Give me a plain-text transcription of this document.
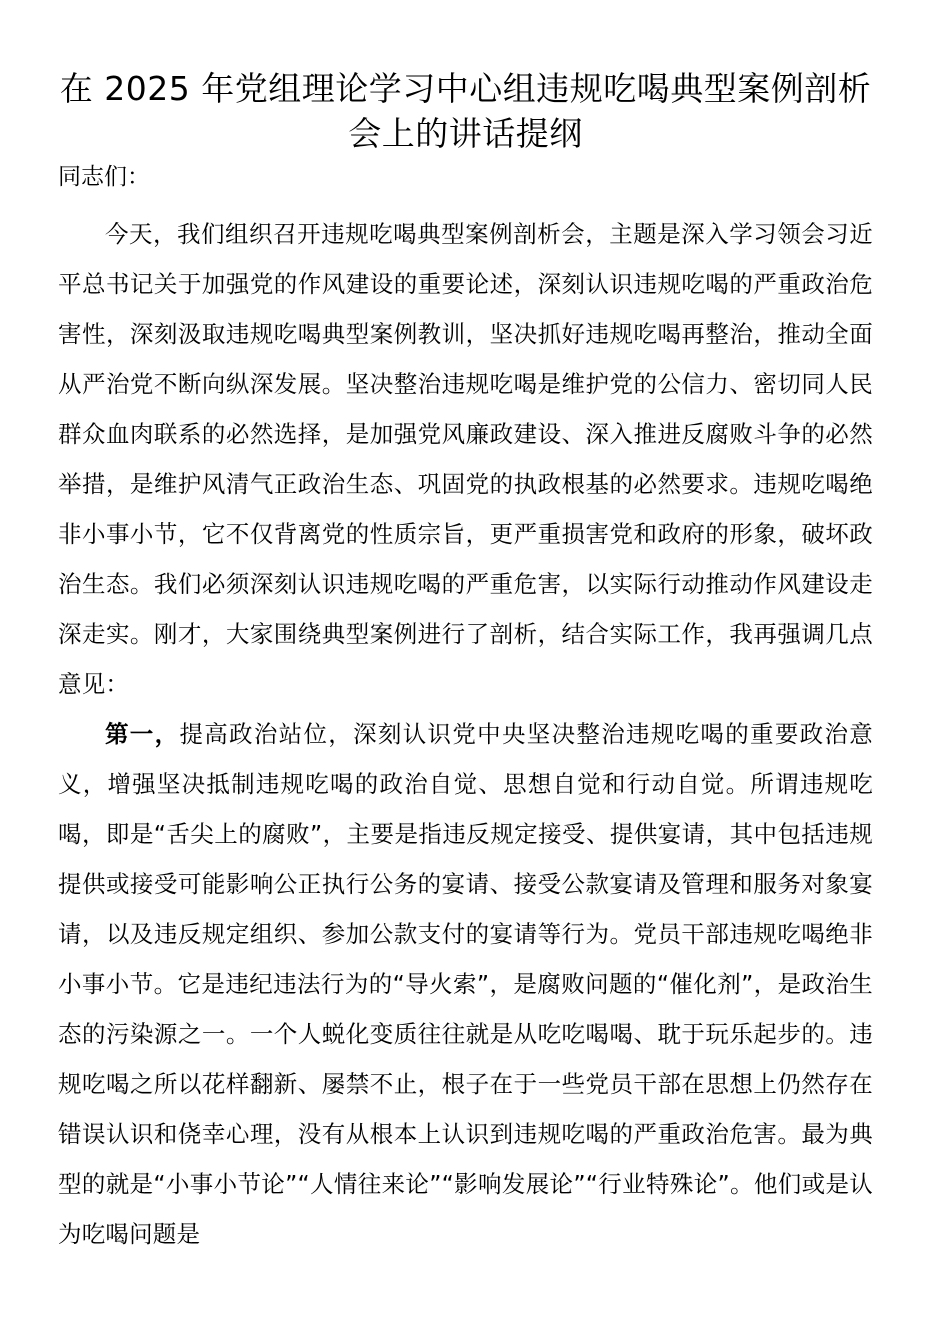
在 2025 年党组理论学习中心组违规吃喝典型案例剖析会上的讲话提纲

同志们：

今天，我们组织召开违规吃喝典型案例剖析会，主题是深入学习领会习近平总书记关于加强党的作风建设的重要论述，深刻认识违规吃喝的严重政治危害性，深刻汲取违规吃喝典型案例教训，坚决抓好违规吃喝再整治，推动全面从严治党不断向纵深发展。坚决整治违规吃喝是维护党的公信力、密切同人民群众血肉联系的必然选择，是加强党风廉政建设、深入推进反腐败斗争的必然举措，是维护风清气正政治生态、巩固党的执政根基的必然要求。违规吃喝绝非小事小节，它不仅背离党的性质宗旨，更严重损害党和政府的形象，破坏政治生态。我们必须深刻认识违规吃喝的严重危害，以实际行动推动作风建设走深走实。刚才，大家围绕典型案例进行了剖析，结合实际工作，我再强调几点意见：

第一，提高政治站位，深刻认识党中央坚决整治违规吃喝的重要政治意义，增强坚决抵制违规吃喝的政治自觉、思想自觉和行动自觉。所谓违规吃喝，即是“舌尖上的腐败”，主要是指违反规定接受、提供宴请，其中包括违规提供或接受可能影响公正执行公务的宴请、接受公款宴请及管理和服务对象宴请，以及违反规定组织、参加公款支付的宴请等行为。党员干部违规吃喝绝非小事小节。它是违纪违法行为的“导火索”，是腐败问题的“催化剂”，是政治生态的污染源之一。一个人蜕化变质往往就是从吃吃喝喝、耽于玩乐起步的。违规吃喝之所以花样翻新、屡禁不止，根子在于一些党员干部在思想上仍然存在错误认识和侥幸心理，没有从根本上认识到违规吃喝的严重政治危害。最为典型的就是“小事小节论”“人情往来论”“影响发展论”“行业特殊论”。他们或是认为吃喝问题是
